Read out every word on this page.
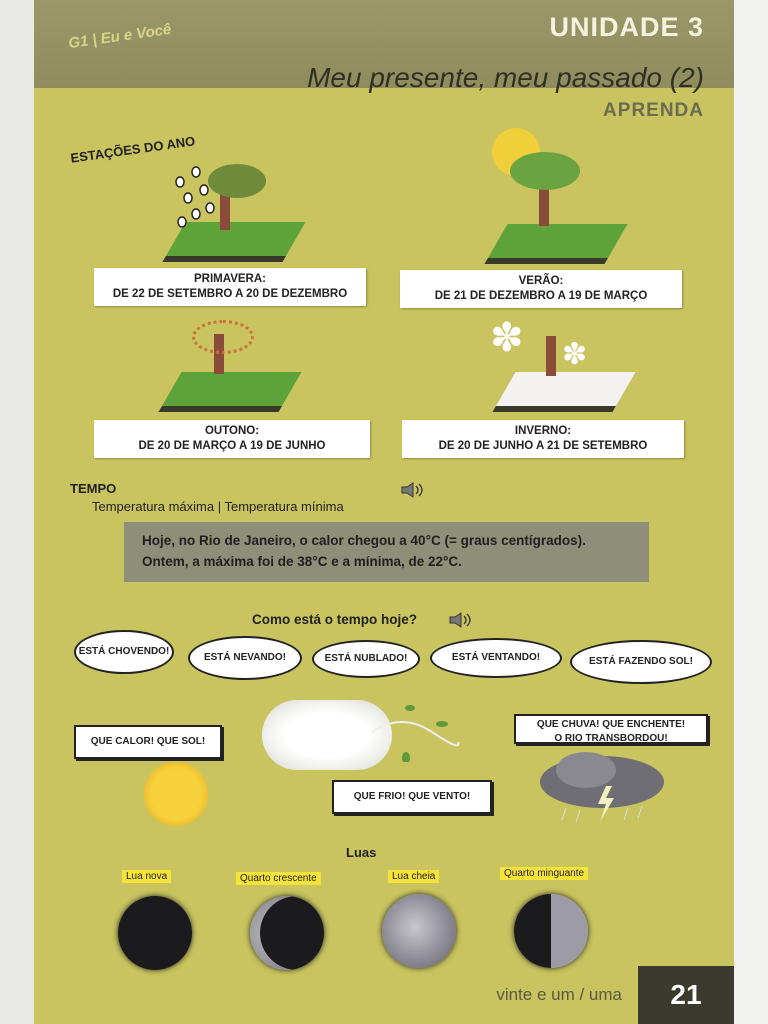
G1 | Eu e Você	UNIDADE 3
Meu presente, meu passado (2)
APRENDA
ESTAÇÕES DO ANO
PRIMAVERA:
DE 22 DE SETEMBRO A 20 DE DEZEMBRO
VERÃO:
DE 21 DE DEZEMBRO A 19 DE MARÇO
OUTONO:
DE 20 DE MARÇO A 19 DE JUNHO
✽ ✽
INVERNO:
DE 20 DE JUNHO A 21 DE SETEMBRO
TEMPO
Temperatura máxima | Temperatura mínima
Hoje, no Rio de Janeiro, o calor chegou a 40°C (= graus centígrados).
Ontem, a máxima foi de 38°C e a mínima, de 22°C.
Como está o tempo hoje?
ESTÁ CHOVENDO!
ESTÁ NEVANDO!	ESTÁ NUBLADO!	ESTÁ VENTANDO!	ESTÁ FAZENDO SOL!
QUE CALOR! QUE SOL!
QUE FRIO! QUE VENTO!
QUE CHUVA! QUE ENCHENTE!
O RIO TRANSBORDOU!
Luas
Lua nova	Quarto crescente	Lua cheia	Quarto minguante
vinte e um / uma	21
